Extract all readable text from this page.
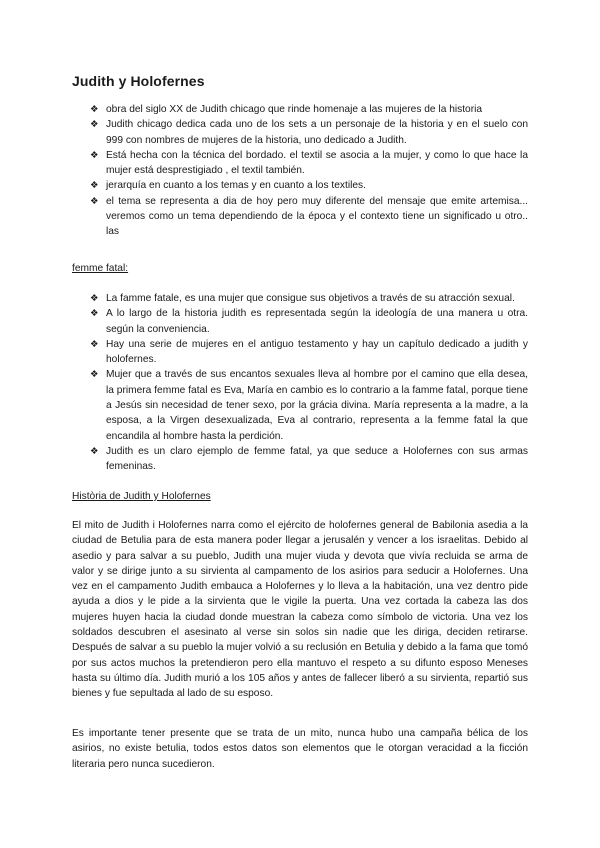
Judith y Holofernes
❖ obra del siglo XX de Judith chicago que rinde homenaje a las mujeres de la historia
❖ Judith chicago dedica cada uno de los sets a un personaje de la historia y en el suelo con 999 con nombres de mujeres de la historia, uno dedicado a Judith.
❖ Está hecha con la técnica del bordado. el textil se asocia a la mujer, y como lo que hace la mujer está desprestigiado , el textil también.
❖ jerarquía en cuanto a los temas y en cuanto a los textiles.
❖ el tema se representa a dia de hoy pero muy diferente del mensaje que emite artemisa... veremos como un tema dependiendo de la época y el contexto tiene un significado u otro.. las
femme fatal:
❖ La famme fatale, es una mujer que consigue sus objetivos a través de su atracción sexual.
❖ A lo largo de la historia judith es representada según la ideología de una manera u otra. según la conveniencia.
❖ Hay una serie de mujeres en el antiguo testamento y hay un capítulo dedicado a judith y holofernes.
❖ Mujer que a través de sus encantos sexuales lleva al hombre por el camino que ella desea, la primera femme fatal es Eva, María en cambio es lo contrario a la famme fatal, porque tiene a Jesús sin necesidad de tener sexo, por la grácia divina. María representa a la madre, a la esposa, a la Virgen desexualizada, Eva al contrario, representa a la femme fatal la que encandila al hombre hasta la perdición.
❖ Judith es un claro ejemplo de femme fatal, ya que seduce a Holofernes con sus armas femeninas.
Història de Judith y Holofernes

El mito de Judith i Holofernes narra como el ejército de holofernes general de Babilonia asedia a la ciudad de Betulia para de esta manera poder llegar a jerusalén y vencer a los israelitas. Debido al asedio y para salvar a su pueblo, Judith una mujer viuda y devota que vivía recluida se arma de valor y se dirige junto a su sirvienta al campamento de los asirios para seducir a Holofernes. Una vez en el campamento Judith embauca a Holofernes y lo lleva a la habitación, una vez dentro pide ayuda a dios y le pide a la sirvienta que le vigile la puerta. Una vez cortada la cabeza las dos mujeres huyen hacia la ciudad donde muestran la cabeza como símbolo de victoria. Una vez los soldados descubren el asesinato al verse sin solos sin nadie que les diriga, deciden retirarse. Después de salvar a su pueblo la mujer volvió a su reclusión en Betulia y debido a la fama que tomó por sus actos muchos la pretendieron pero ella mantuvo el respeto a su difunto esposo Meneses hasta su último día. Judith murió a los 105 años y antes de fallecer liberó a su sirvienta, repartió sus bienes y fue sepultada al lado de su esposo.

Es importante tener presente que se trata de un mito, nunca hubo una campaña bélica de los asirios, no existe betulia, todos estos datos son elementos que le otorgan veracidad a la ficción literaria pero nunca sucedieron.
